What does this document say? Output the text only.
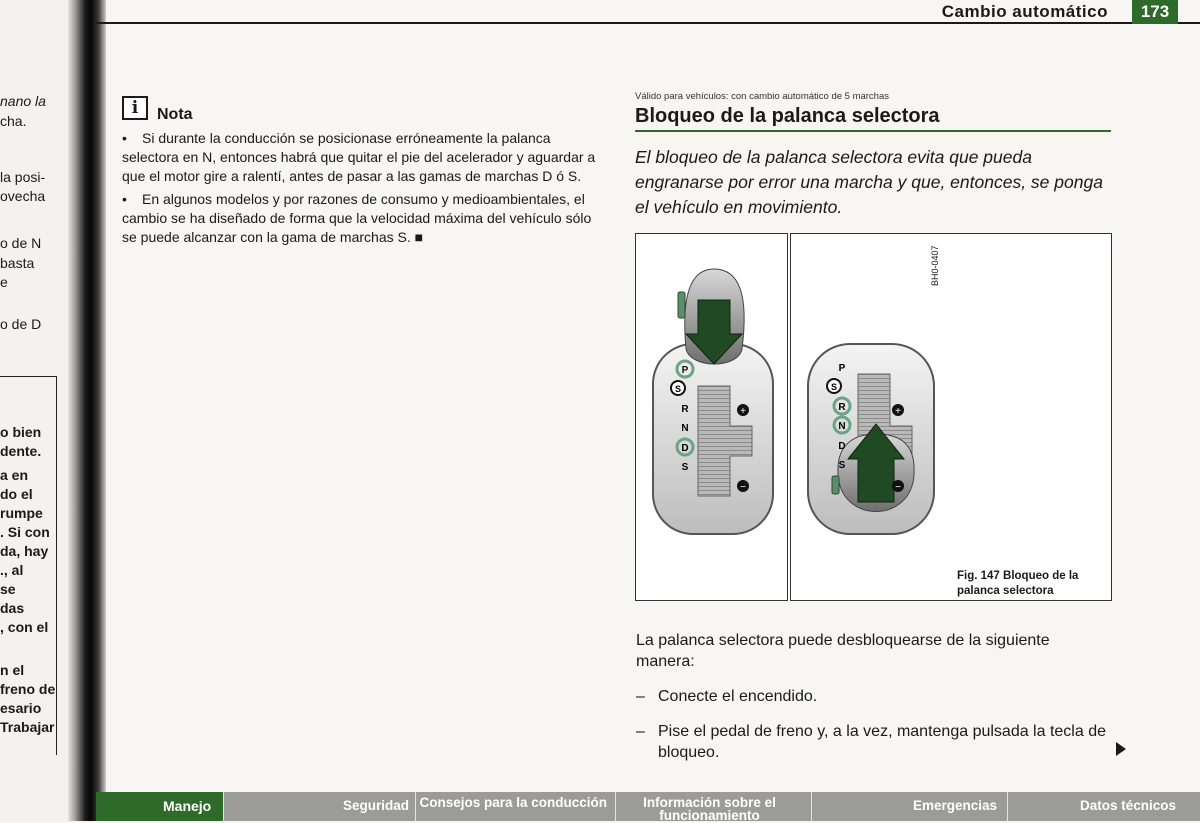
nano la
cha.
la posi-
ovecha
o de N
basta
e
o de D
o bien
dente.
a en
do el
rumpe
. Si con
da, hay
., al
se
das
, con el
n el
freno de
esario
Trabajar
Cambio automático	173
i	Nota

• Si durante la conducción se posicionase erróneamente la palanca selectora en N, entonces habrá que quitar el pie del acelerador y aguardar a que el motor gire a ralentí, antes de pasar a las gamas de marchas D ó S.

• En algunos modelos y por razones de consumo y medioambientales, el cambio se ha diseñado de forma que la velocidad máxima del vehículo sólo se puede alcanzar con la gama de marchas S. ■

Válido para vehículos: con cambio automático de 5 marchas
Bloqueo de la palanca selectora
El bloqueo de la palanca selectora evita que pueda engranarse por error una marcha y que, entonces, se ponga el vehículo en movimiento.
P
S
R
N
D
S
+
−
P
S
R
N
D
S
+
−
BH0-0407
Fig. 147 Bloqueo de la palanca selectora
La palanca selectora puede desbloquearse de la siguiente manera:
– Conecte el encendido.
– Pise el pedal de freno y, a la vez, mantenga pulsada la tecla de bloqueo.
Manejo	Seguridad Consejos para la conducción	Información sobre el funcionamiento
Emergencias	Datos técnicos
